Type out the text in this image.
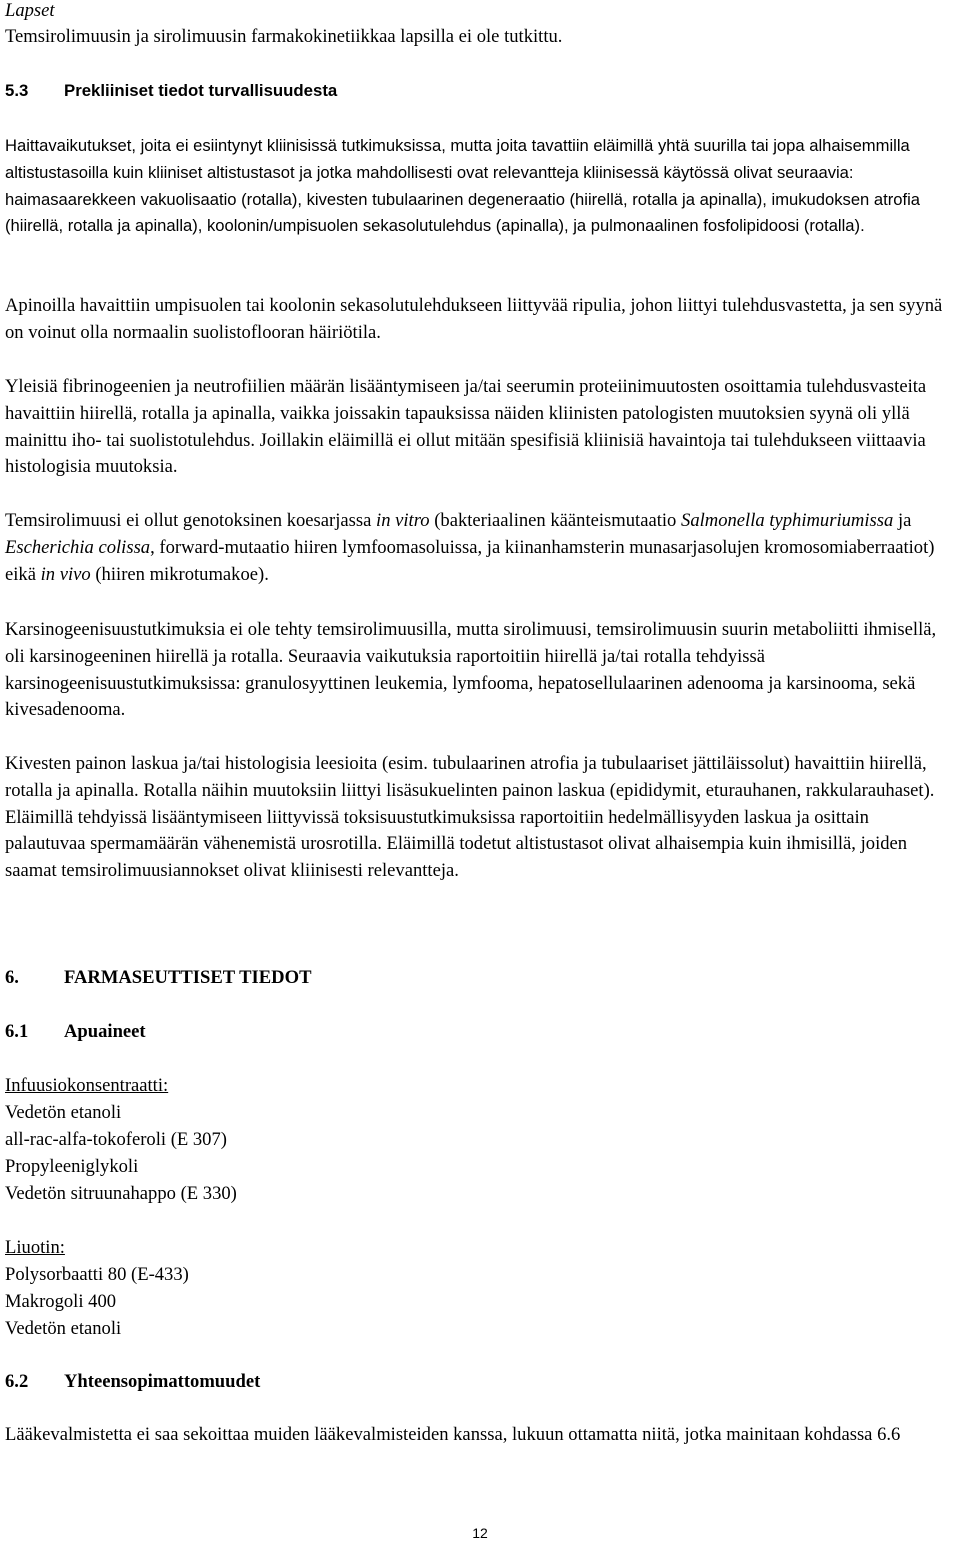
Lapset

Temsirolimuusin ja sirolimuusin farmakokinetiikkaa lapsilla ei ole tutkittu.

5.3 Prekliiniset tiedot turvallisuudesta

Haittavaikutukset, joita ei esiintynyt kliinisissä tutkimuksissa, mutta joita tavattiin eläimillä yhtä suurilla tai jopa alhaisemmilla altistustasoilla kuin kliiniset altistustasot ja jotka mahdollisesti ovat relevantteja kliinisessä käytössä olivat seuraavia: haimasaarekkeen vakuolisaatio (rotalla), kivesten tubulaarinen degeneraatio (hiirellä, rotalla ja apinalla), imukudoksen atrofia (hiirellä, rotalla ja apinalla), koolonin/umpisuolen sekasolutulehdus (apinalla), ja pulmonaalinen fosfolipidoosi (rotalla).

Apinoilla havaittiin umpisuolen tai koolonin sekasolutulehdukseen liittyvää ripulia, johon liittyi tulehdusvastetta, ja sen syynä on voinut olla normaalin suolistoflooran häiriötila.

Yleisiä fibrinogeenien ja neutrofiilien määrän lisääntymiseen ja/tai seerumin proteiinimuutosten osoittamia tulehdusvasteita havaittiin hiirellä, rotalla ja apinalla, vaikka joissakin tapauksissa näiden kliinisten patologisten muutoksien syynä oli yllä mainittu iho- tai suolistotulehdus. Joillakin eläimillä ei ollut mitään spesifisiä kliinisiä havaintoja tai tulehdukseen viittaavia histologisia muutoksia.

Temsirolimuusi ei ollut genotoksinen koesarjassa in vitro (bakteriaalinen käänteismutaatio Salmonella typhimuriumissa ja Escherichia colissa, forward-mutaatio hiiren lymfoomasoluissa, ja kiinanhamsterin munasarjasolujen kromosomiaberraatiot) eikä in vivo (hiiren mikrotumakoe).

Karsinogeenisuustutkimuksia ei ole tehty temsirolimuusilla, mutta sirolimuusi, temsirolimuusin suurin metaboliitti ihmisellä, oli karsinogeeninen hiirellä ja rotalla. Seuraavia vaikutuksia raportoitiin hiirellä ja/tai rotalla tehdyissä karsinogeenisuustutkimuksissa: granulosyyttinen leukemia, lymfooma, hepatosellulaarinen adenooma ja karsinooma, sekä kivesadenooma.

Kivesten painon laskua ja/tai histologisia leesioita (esim. tubulaarinen atrofia ja tubulaariset jättiläissolut) havaittiin hiirellä, rotalla ja apinalla. Rotalla näihin muutoksiin liittyi lisäsukuelinten painon laskua (epididymit, eturauhanen, rakkularauhaset). Eläimillä tehdyissä lisääntymiseen liittyvissä toksisuustutkimuksissa raportoitiin hedelmällisyyden laskua ja osittain palautuvaa spermamäärän vähenemistä urosrotilla. Eläimillä todetut altistustasot olivat alhaisempia kuin ihmisillä, joiden saamat temsirolimuusiannokset olivat kliinisesti relevantteja.

6. FARMASEUTTISET TIEDOT
6.1 Apuaineet

Infuusiokonsentraatti:

Vedetön etanoli

all-rac-alfa-tokoferoli (E 307)

Propyleeniglykoli

Vedetön sitruunahappo (E 330)

Liuotin:

Polysorbaatti 80 (E-433)

Makrogoli 400

Vedetön etanoli

6.2 Yhteensopimattomuudet

Lääkevalmistetta ei saa sekoittaa muiden lääkevalmisteiden kanssa, lukuun ottamatta niitä, jotka mainitaan kohdassa 6.6

12
